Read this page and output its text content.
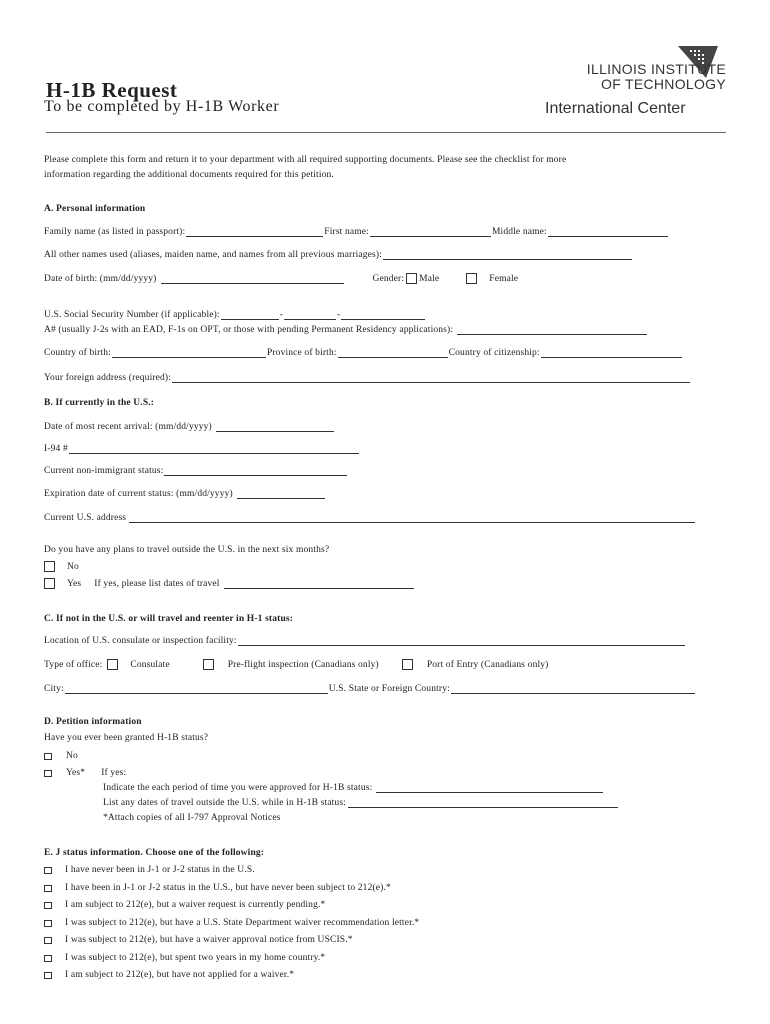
H-1B Request
To be completed by H-1B Worker
ILLINOIS INSTITUTE
OF TECHNOLOGY
International Center
Please complete this form and return it to your department with all required supporting documents. Please see the checklist for more
information regarding the additional documents required for this petition.
A. Personal information
Family name (as listed in passport):	First name:	Middle name:
All other names used (aliases, maiden name, and names from all previous marriages):
Date of birth: (mm/dd/yyyy)	Gender: Male	Female
U.S. Social Security Number (if applicable):	-	-
A# (usually J-2s with an EAD, F-1s on OPT, or those with pending Permanent Residency applications):
Country of birth:	Province of birth:	Country of citizenship:
Your foreign address (required):
B. If currently in the U.S.:
Date of most recent arrival: (mm/dd/yyyy)
I-94 #
Current non-immigrant status:
Expiration date of current status: (mm/dd/yyyy)
Current U.S. address
Do you have any plans to travel outside the U.S. in the next six months?
No
Yes If yes, please list dates of travel
C. If not in the U.S. or will travel and reenter in H-1 status:
Location of U.S. consulate or inspection facility:
Type of office:	Consulate	Pre-flight inspection (Canadians only)	Port of Entry (Canadians only)
City:	U.S. State or Foreign Country:
D. Petition information
Have you ever been granted H-1B status?
No
Yes* If yes:
Indicate the each period of time you were approved for H-1B status:
List any dates of travel outside the U.S. while in H-1B status:
*Attach copies of all I-797 Approval Notices
E. J status information. Choose one of the following:
I have never been in J-1 or J-2 status in the U.S.
I have been in J-1 or J-2 status in the U.S., but have never been subject to 212(e).*
I am subject to 212(e), but a waiver request is currently pending.*
I was subject to 212(e), but have a U.S. State Department waiver recommendation letter.*
I was subject to 212(e), but have a waiver approval notice from USCIS.*
I was subject to 212(e), but spent two years in my home country.*
I am subject to 212(e), but have not applied for a waiver.*
